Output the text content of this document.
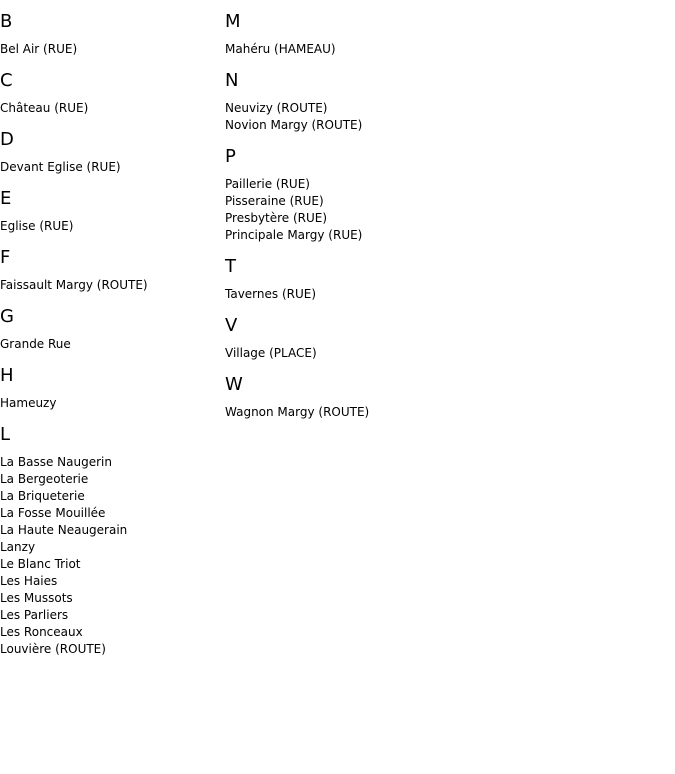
B
Bel Air (RUE)
C
Château (RUE)
D
Devant Eglise (RUE)
E
Eglise (RUE)
F
Faissault Margy (ROUTE)
G
Grande Rue
H
Hameuzy
L
La Basse Naugerin
La Bergeoterie
La Briqueterie
La Fosse Mouillée
La Haute Neaugerain
Lanzy
Le Blanc Triot
Les Haies
Les Mussots
Les Parliers
Les Ronceaux
Louvière (ROUTE)
M
Mahéru (HAMEAU)
N
Neuvizy (ROUTE)
Novion Margy (ROUTE)
P
Paillerie (RUE)
Pisseraine (RUE)
Presbytère (RUE)
Principale Margy (RUE)
T
Tavernes (RUE)
V
Village (PLACE)
W
Wagnon Margy (ROUTE)
